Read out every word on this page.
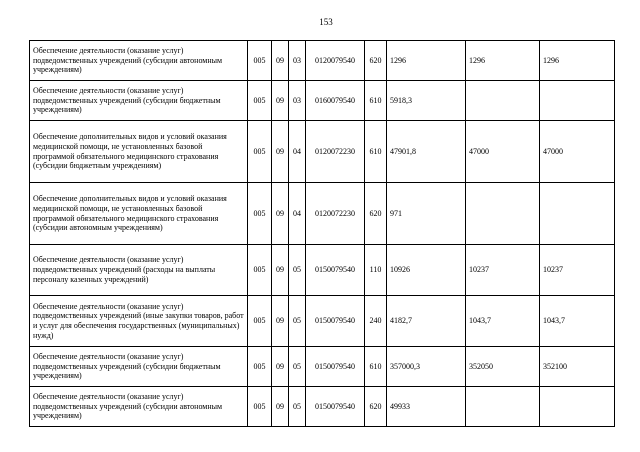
153
Обеспечение деятельности (оказание услуг) подведомственных учреждений (субсидии автономным учреждениям)	005	09	03	0120079540	620	1296	1296	1296
Обеспечение деятельности (оказание услуг) подведомственных учреждений (субсидии бюджетным учреждениям)	005	09	03	0160079540	610	5918,3		
Обеспечение дополнительных видов и условий оказания медицинской помощи, не установленных базовой программой обязательного медицинского страхования (субсидии бюджетным учреждениям)	005	09	04	0120072230	610	47901,8	47000	47000
Обеспечение дополнительных видов и условий оказания медицинской помощи, не установленных базовой программой обязательного медицинского страхования (субсидии автономным учреждениям)	005	09	04	0120072230	620	971		
Обеспечение деятельности (оказание услуг) подведомственных учреждений (расходы на выплаты персоналу казенных учреждений)	005	09	05	0150079540	110	10926	10237	10237
Обеспечение деятельности (оказание услуг) подведомственных учреждений (иные закупки товаров, работ и услуг для обеспечения государственных (муниципальных) нужд)	005	09	05	0150079540	240	4182,7	1043,7	1043,7
Обеспечение деятельности (оказание услуг) подведомственных учреждений (субсидии бюджетным учреждениям)	005	09	05	0150079540	610	357000,3	352050	352100
Обеспечение деятельности (оказание услуг) подведомственных учреждений (субсидии автономным учреждениям)	005	09	05	0150079540	620	49933		
